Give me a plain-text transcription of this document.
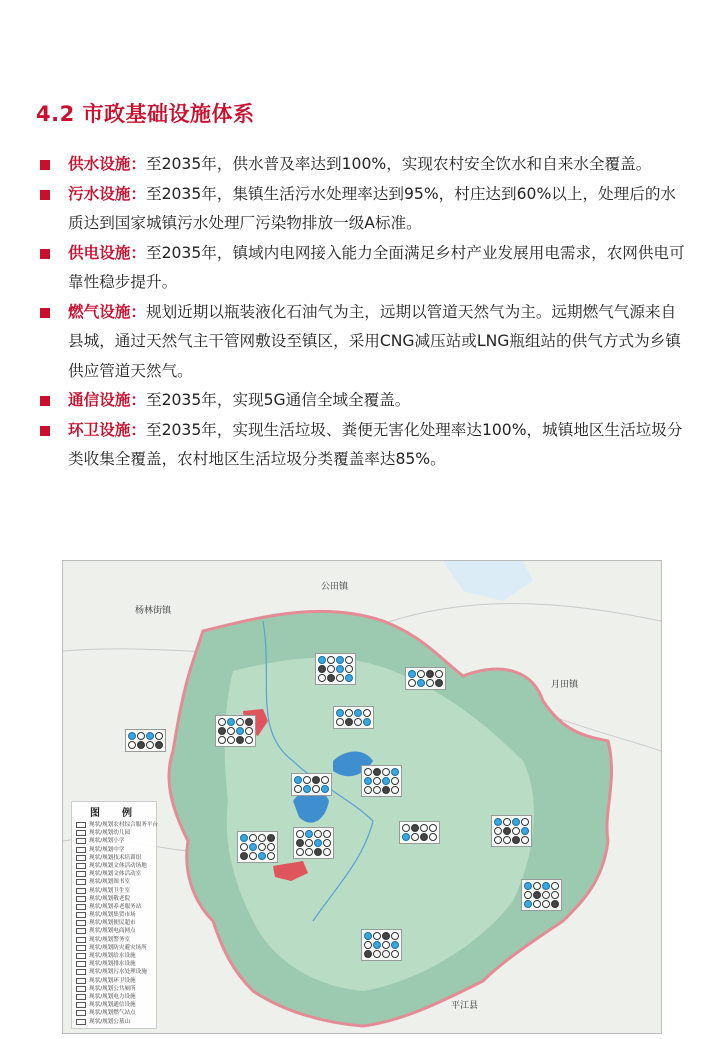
4.2 市政基础设施体系
供水设施：至2035年，供水普及率达到100%，实现农村安全饮水和自来水全覆盖。
污水设施：至2035年，集镇生活污水处理率达到95%，村庄达到60%以上，处理后的水质达到国家城镇污水处理厂污染物排放一级A标准。
供电设施：至2035年，镇域内电网接入能力全面满足乡村产业发展用电需求，农网供电可靠性稳步提升。
燃气设施：规划近期以瓶装液化石油气为主，远期以管道天然气为主。远期燃气气源来自县城，通过天然气主干管网敷设至镇区，采用CNG减压站或LNG瓶组站的供气方式为乡镇供应管道天然气。
通信设施：至2035年，实现5G通信全域全覆盖。
环卫设施：至2035年，实现生活垃圾、粪便无害化处理率达100%，城镇地区生活垃圾分类收集全覆盖，农村地区生活垃圾分类覆盖率达85%。
公田镇
杨林街镇
月田镇
平江县
图　例
现状/规划农村综合服务平台
现状/规划幼儿园
现状/规划小学
现状/规划中学
现状/规划技术培训组
现状/规划文体活动场地
现状/规划文体活动室
现状/规划图书室
现状/规划卫生室
现状/规划敬老院
现状/规划养老服务站
现状/规划集贸市场
现状/规划便民超市
现状/规划电商网点
现状/规划警务室
现状/规划防灾避灾场所
现状/规划给水设施
现状/规划排水设施
现状/规划污水处理设施
现状/规划环卫设施
现状/规划公共厕所
现状/规划电力设施
现状/规划通信设施
现状/规划燃气站点
现状/规划公墓山
